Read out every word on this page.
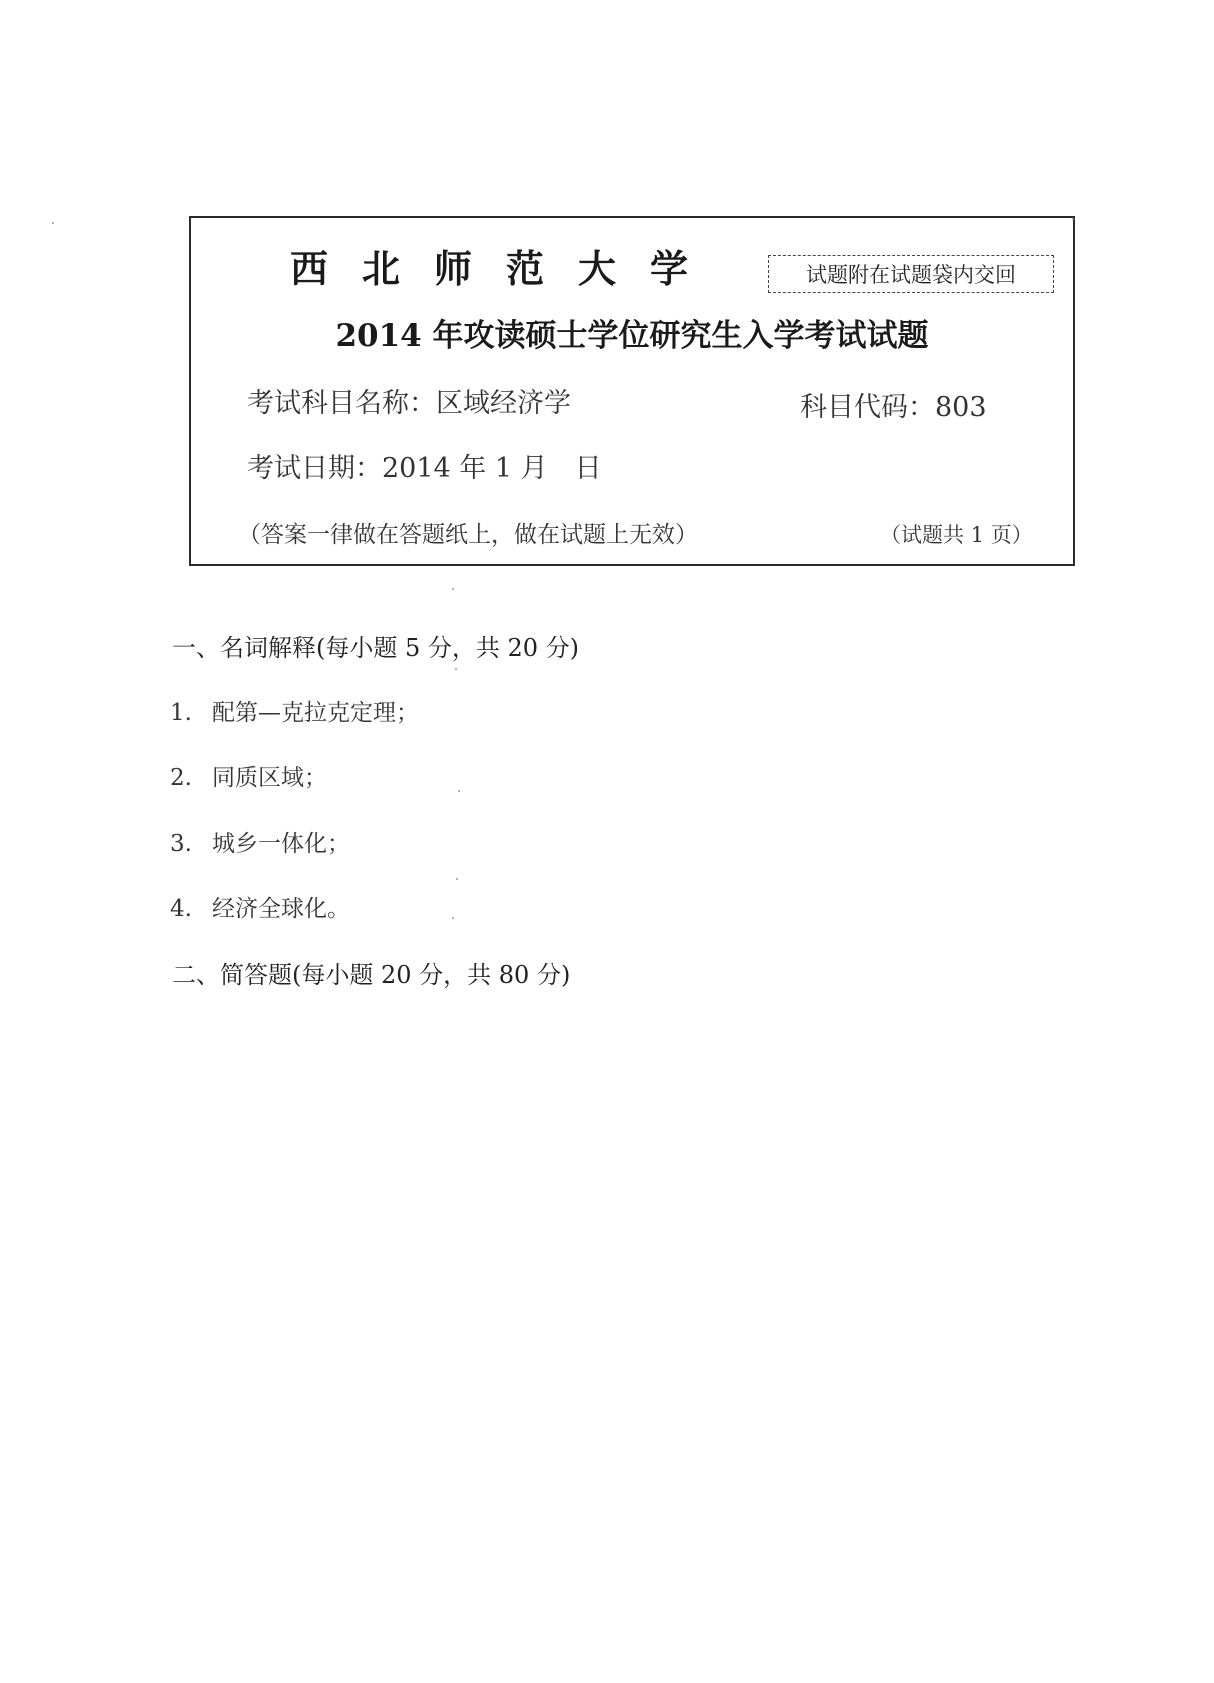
西北师范大学	试题附在试题袋内交回
2014 年攻读硕士学位研究生入学考试试题
考试科目名称：区域经济学	科目代码：803
考试日期：2014 年 1 月　日
（答案一律做在答题纸上，做在试题上无效）	（试题共 1 页）
一、名词解释(每小题 5 分，共 20 分)
1. 配第—克拉克定理；
2. 同质区域；
3. 城乡一体化；
4. 经济全球化。
二、简答题(每小题 20 分，共 80 分)
